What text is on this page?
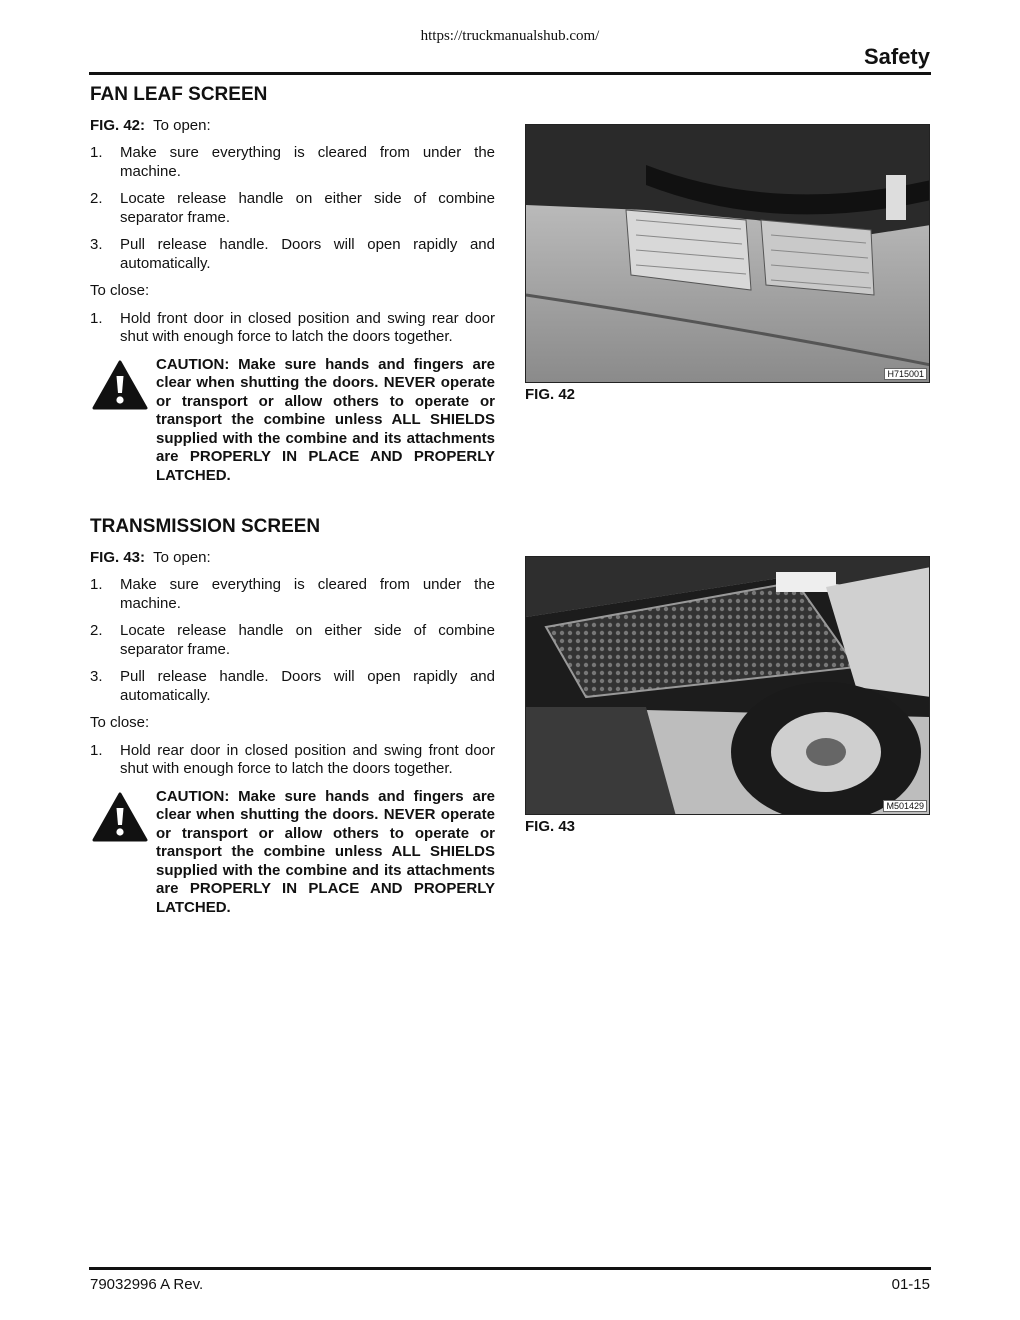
https://truckmanualshub.com/
Safety
FAN LEAF SCREEN
FIG. 42: To open:
1. Make sure everything is cleared from under the machine.
2. Locate release handle on either side of combine separator frame.
3. Pull release handle. Doors will open rapidly and automatically.
To close:
1. Hold front door in closed position and swing rear door shut with enough force to latch the doors together.
CAUTION: Make sure hands and fingers are clear when shutting the doors. NEVER operate or transport or allow others to operate or transport the combine unless ALL SHIELDS supplied with the combine and its attachments are PROPERLY IN PLACE AND PROPERLY LATCHED.
H715001
FIG. 42
TRANSMISSION SCREEN
FIG. 43: To open:
1. Make sure everything is cleared from under the machine.
2. Locate release handle on either side of combine separator frame.
3. Pull release handle. Doors will open rapidly and automatically.
To close:
1. Hold rear door in closed position and swing front door shut with enough force to latch the doors together.
CAUTION: Make sure hands and fingers are clear when shutting the doors. NEVER operate or transport or allow others to operate or transport the combine unless ALL SHIELDS supplied with the combine and its attachments are PROPERLY IN PLACE AND PROPERLY LATCHED.
M501429
FIG. 43
79032996 A Rev.	01-15
